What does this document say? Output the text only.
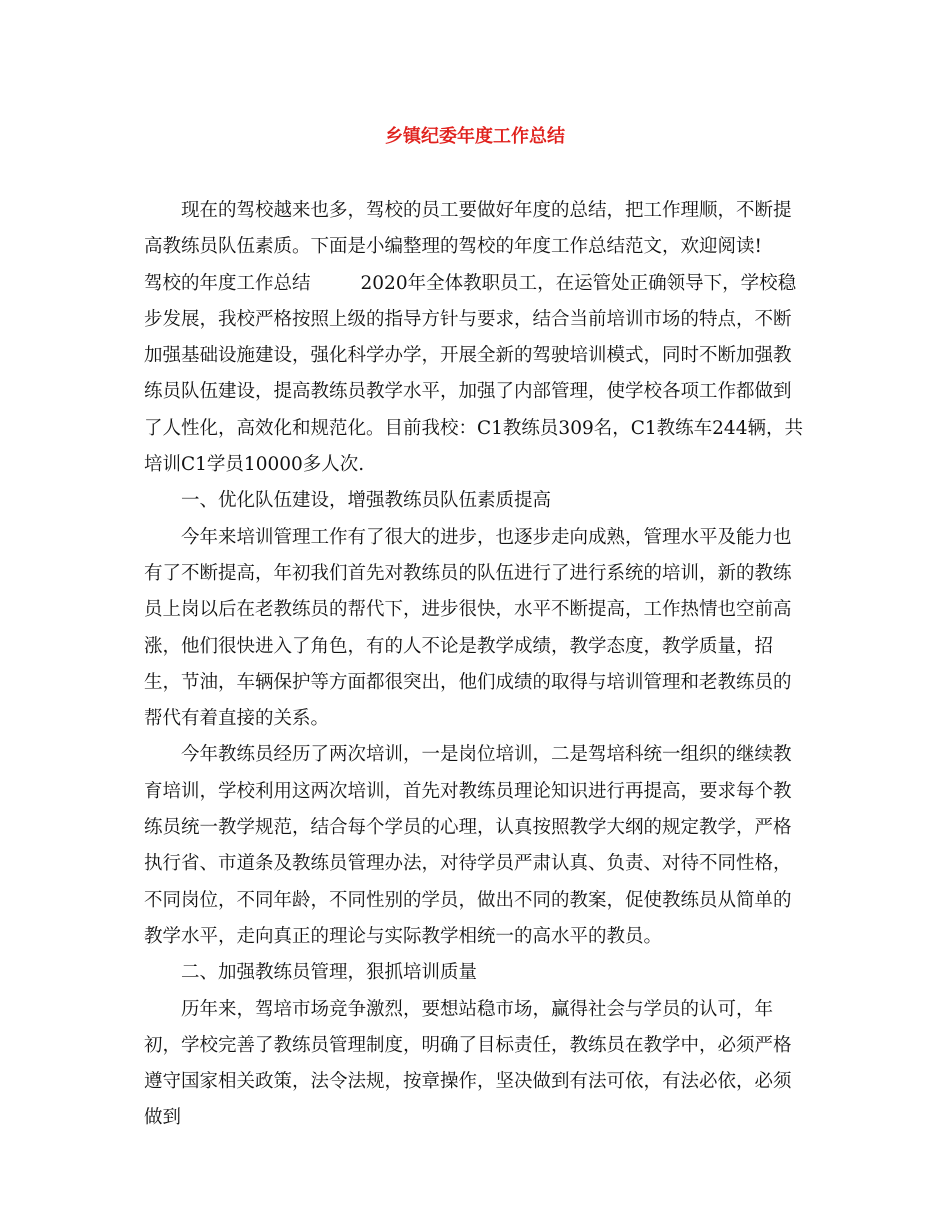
乡镇纪委年度工作总结

现在的驾校越来也多，驾校的员工要做好年度的总结，把工作理顺，不断提高教练员队伍素质。下面是小编整理的驾校的年度工作总结范文，欢迎阅读!

驾校的年度工作总结	2020年全体教职员工，在运管处正确领导下，学校稳步发展，我校严格按照上级的指导方针与要求，结合当前培训市场的特点，不断加强基础设施建设，强化科学办学，开展全新的驾驶培训模式，同时不断加强教练员队伍建设，提高教练员教学水平，加强了内部管理，使学校各项工作都做到了人性化，高效化和规范化。目前我校：C1教练员309名，C1教练车244辆，共培训C1学员10000多人次.

一、优化队伍建设，增强教练员队伍素质提高

今年来培训管理工作有了很大的进步，也逐步走向成熟，管理水平及能力也有了不断提高，年初我们首先对教练员的队伍进行了进行系统的培训，新的教练员上岗以后在老教练员的帮代下，进步很快，水平不断提高，工作热情也空前高涨，他们很快进入了角色，有的人不论是教学成绩，教学态度，教学质量，招生，节油，车辆保护等方面都很突出，他们成绩的取得与培训管理和老教练员的帮代有着直接的关系。

今年教练员经历了两次培训，一是岗位培训，二是驾培科统一组织的继续教育培训，学校利用这两次培训，首先对教练员理论知识进行再提高，要求每个教练员统一教学规范，结合每个学员的心理，认真按照教学大纲的规定教学，严格执行省、市道条及教练员管理办法，对待学员严肃认真、负责、对待不同性格，不同岗位，不同年龄，不同性别的学员，做出不同的教案，促使教练员从简单的教学水平，走向真正的理论与实际教学相统一的高水平的教员。

二、加强教练员管理，狠抓培训质量

历年来，驾培市场竞争激烈，要想站稳市场，赢得社会与学员的认可，年初，学校完善了教练员管理制度，明确了目标责任，教练员在教学中，必须严格遵守国家相关政策，法令法规，按章操作，坚决做到有法可依，有法必依，必须做到
